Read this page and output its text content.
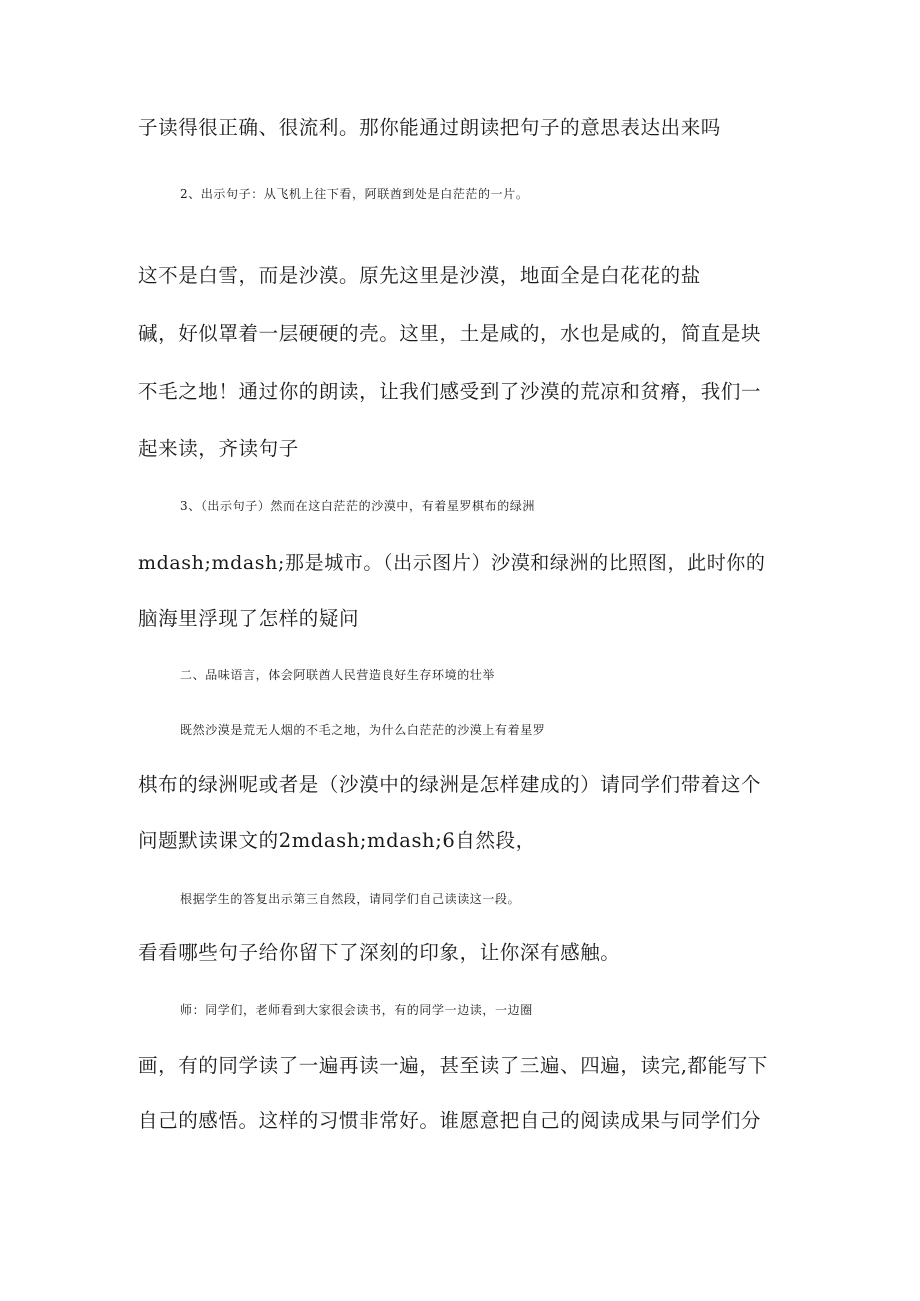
子读得很正确、很流利。那你能通过朗读把句子的意思表达出来吗
2、出示句子：从飞机上往下看，阿联酋到处是白茫茫的一片。
这不是白雪，而是沙漠。原先这里是沙漠，地面全是白花花的盐
碱，好似罩着一层硬硬的壳。这里，土是咸的，水也是咸的，简直是块
不毛之地！通过你的朗读，让我们感受到了沙漠的荒凉和贫瘠，我们一
起来读，齐读句子
3、（出示句子）然而在这白茫茫的沙漠中，有着星罗棋布的绿洲
mdash;mdash;那是城市。（出示图片）沙漠和绿洲的比照图，此时你的
脑海里浮现了怎样的疑问
二、品味语言，体会阿联酋人民营造良好生存环境的壮举
既然沙漠是荒无人烟的不毛之地，为什么白茫茫的沙漠上有着星罗
棋布的绿洲呢或者是（沙漠中的绿洲是怎样建成的）请同学们带着这个
问题默读课文的2mdash;mdash;6自然段，
根据学生的答复出示第三自然段，请同学们自己读读这一段。
看看哪些句子给你留下了深刻的印象，让你深有感触。
师：同学们，老师看到大家很会读书，有的同学一边读，一边圈
画，有的同学读了一遍再读一遍，甚至读了三遍、四遍，读完,都能写下
自己的感悟。这样的习惯非常好。谁愿意把自己的阅读成果与同学们分
